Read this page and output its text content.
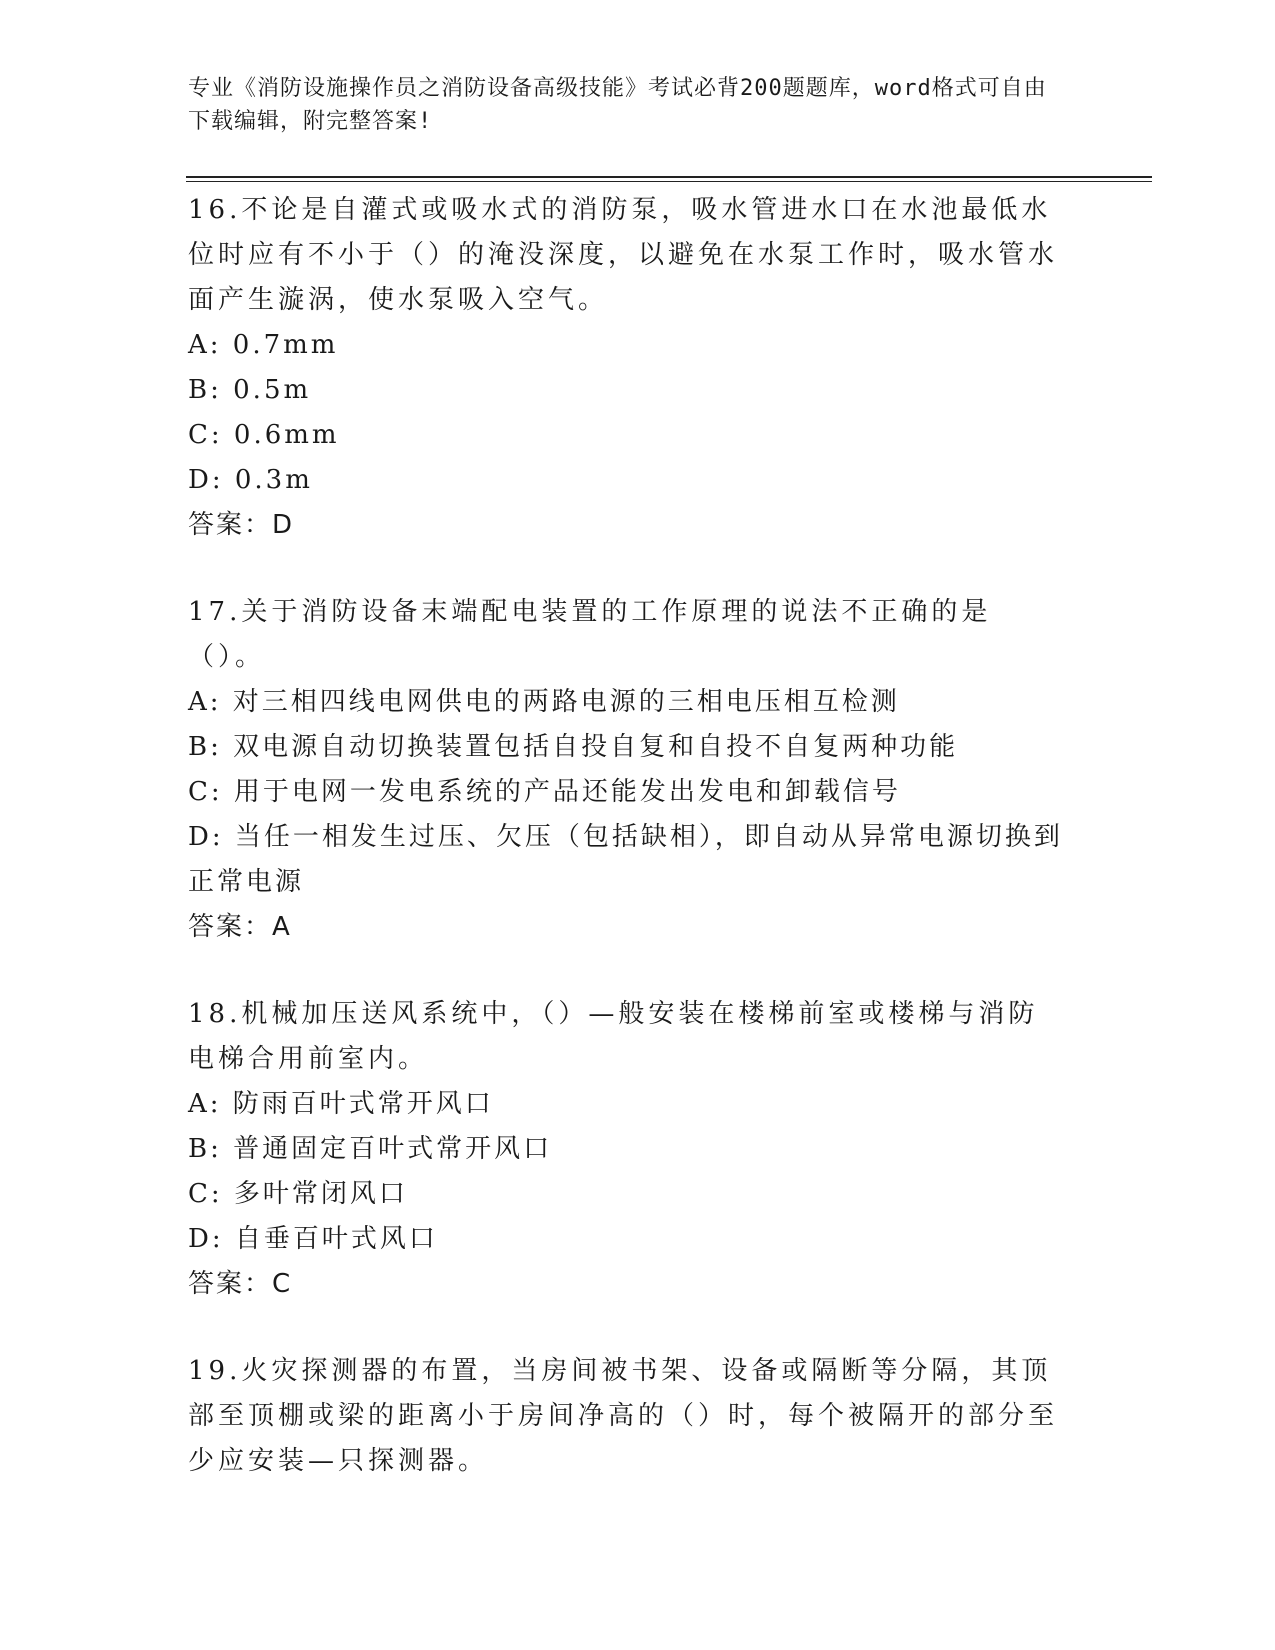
专业《消防设施操作员之消防设备高级技能》考试必背200题题库，word格式可自由下载编辑，附完整答案!
16.不论是自灌式或吸水式的消防泵，吸水管进水口在水池最低水位时应有不小于（）的淹没深度，以避免在水泵工作时，吸水管水面产生漩涡，使水泵吸入空气。
A: 0.7mm
B: 0.5m
C: 0.6mm
D: 0.3m
答案：D
17.关于消防设备末端配电装置的工作原理的说法不正确的是（）。
A: 对三相四线电网供电的两路电源的三相电压相互检测
B: 双电源自动切换装置包括自投自复和自投不自复两种功能
C: 用于电网一发电系统的产品还能发出发电和卸载信号
D: 当任一相发生过压、欠压（包括缺相），即自动从异常电源切换到正常电源
答案：A
18.机械加压送风系统中，（）—般安装在楼梯前室或楼梯与消防电梯合用前室内。
A: 防雨百叶式常开风口
B: 普通固定百叶式常开风口
C: 多叶常闭风口
D: 自垂百叶式风口
答案：C
19.火灾探测器的布置，当房间被书架、设备或隔断等分隔，其顶部至顶棚或梁的距离小于房间净高的（）时，每个被隔开的部分至少应安装—只探测器。
